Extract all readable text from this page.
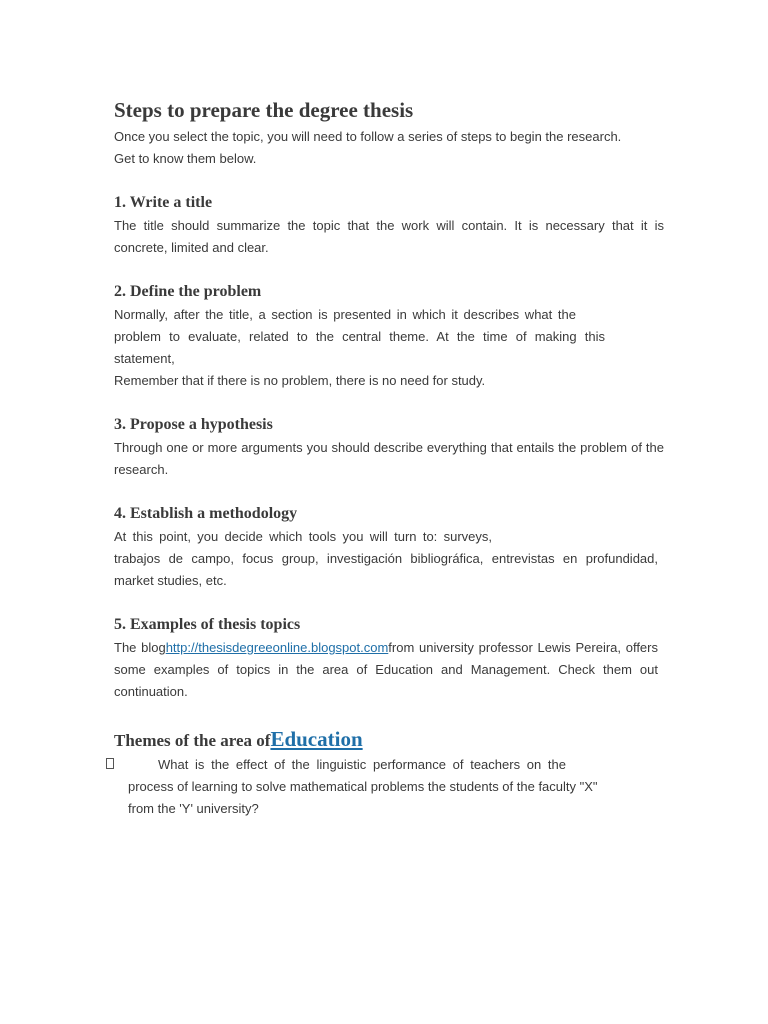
Steps to prepare the degree thesis

Once you select the topic, you will need to follow a series of steps to begin the research.
Get to know them below.

1. Write a title

The title should summarize the topic that the work will contain. It is necessary that it is
concrete, limited and clear.

2. Define the problem

Normally, after the title, a section is presented in which it describes what the
problem to evaluate, related to the central theme. At the time of making this statement,
Remember that if there is no problem, there is no need for study.

3. Propose a hypothesis

Through one or more arguments you should describe everything that entails the problem of the
research.

4. Establish a methodology

At this point, you decide which tools you will turn to: surveys,
trabajos de campo, focus group, investigación bibliográfica, entrevistas en profundidad,
market studies, etc.

5. Examples of thesis topics

The bloghttp://thesisdegreeonline.blogspot.comfrom university professor Lewis Pereira, offers
some examples of topics in the area of Education and Management. Check them out
continuation.

Themes of the area of Education

What is the effect of the linguistic performance of teachers on the
process of learning to solve mathematical problems the students of the faculty "X"
from the 'Y' university?
